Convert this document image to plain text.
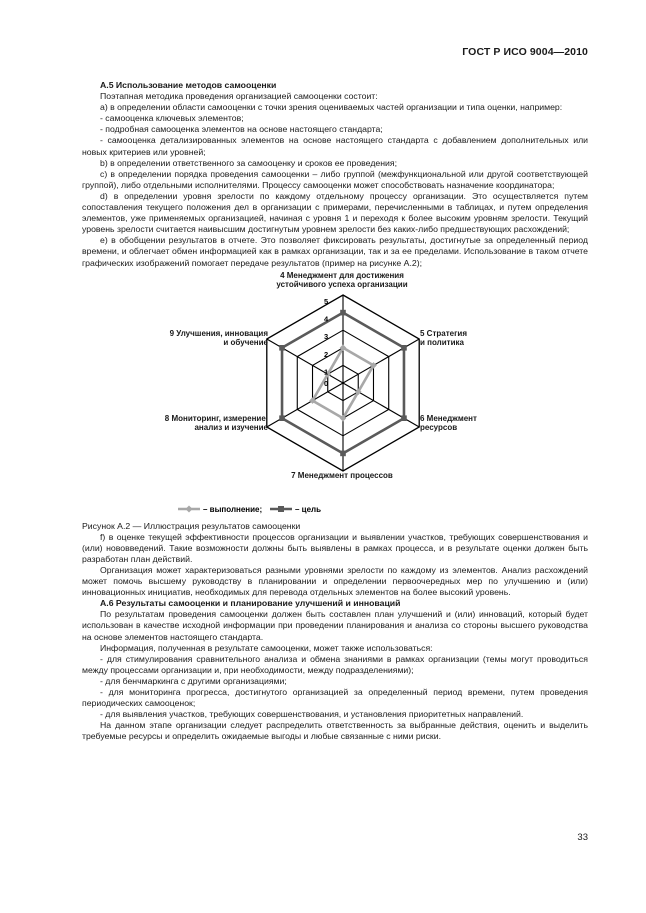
ГОСТ Р ИСО 9004—2010

А.5 Использование методов самооценки

Поэтапная методика проведения организацией самооценки состоит:

а) в определении области самооценки с точки зрения оцениваемых частей организации и типа оценки, например:

- самооценка ключевых элементов;

- подробная самооценка элементов на основе настоящего стандарта;

- самооценка детализированных элементов на основе настоящего стандарта с добавлением дополнительных или новых критериев или уровней;

b) в определении ответственного за самооценку и сроков ее проведения;

c) в определении порядка проведения самооценки – либо группой (межфункциональной или другой соответствующей группой), либо отдельными исполнителями. Процессу самооценки может способствовать назначение координатора;

d) в определении уровня зрелости по каждому отдельному процессу организации. Это осуществляется путем сопоставления текущего положения дел в организации с примерами, перечисленными в таблицах, и путем определения элементов, уже применяемых организацией, начиная с уровня 1 и переходя к более высоким уровням зрелости. Текущий уровень зрелости считается наивысшим достигнутым уровнем зрелости без каких-либо предшествующих расхождений;

e) в обобщении результатов в отчете. Это позволяет фиксировать результаты, достигнутые за определенный период времени, и облегчает обмен информацией как в рамках организации, так и за ее пределами. Использование в таком отчете графических изображений помогает передаче результатов (пример на рисунке А.2);

5
4
3
2
1
0
– выполнение;	– цель
4 Менеджмент для достижения
устойчивого успеха организации
5 Стратегия
и политика
6 Менеджмент
ресурсов
7 Менеджмент процессов
8 Мониторинг, измерение,
анализ и изучение
9 Улучшения, инновация
и обучение

Рисунок А.2 — Иллюстрация результатов самооценки

f) в оценке текущей эффективности процессов организации и выявлении участков, требующих совершенствования и (или) нововведений. Такие возможности должны быть выявлены в рамках процесса, и в результате оценки должен быть разработан план действий.

Организация может характеризоваться разными уровнями зрелости по каждому из элементов. Анализ расхождений может помочь высшему руководству в планировании и определении первоочередных мер по улучшению и (или) инновационных инициатив, необходимых для перевода отдельных элементов на более высокий уровень.

А.6 Результаты самооценки и планирование улучшений и инноваций

По результатам проведения самооценки должен быть составлен план улучшений и (или) инноваций, который будет использован в качестве исходной информации при проведении планирования и анализа со стороны высшего руководства на основе элементов настоящего стандарта.

Информация, полученная в результате самооценки, может также использоваться:

- для стимулирования сравнительного анализа и обмена знаниями в рамках организации (темы могут проводиться между процессами организации и, при необходимости, между подразделениями);

- для бенчмаркинга с другими организациями;

- для мониторинга прогресса, достигнутого организацией за определенный период времени, путем проведения периодических самооценок;

- для выявления участков, требующих совершенствования, и установления приоритетных направлений.

На данном этапе организации следует распределить ответственность за выбранные действия, оценить и выделить требуемые ресурсы и определить ожидаемые выгоды и любые связанные с ними риски.

33
